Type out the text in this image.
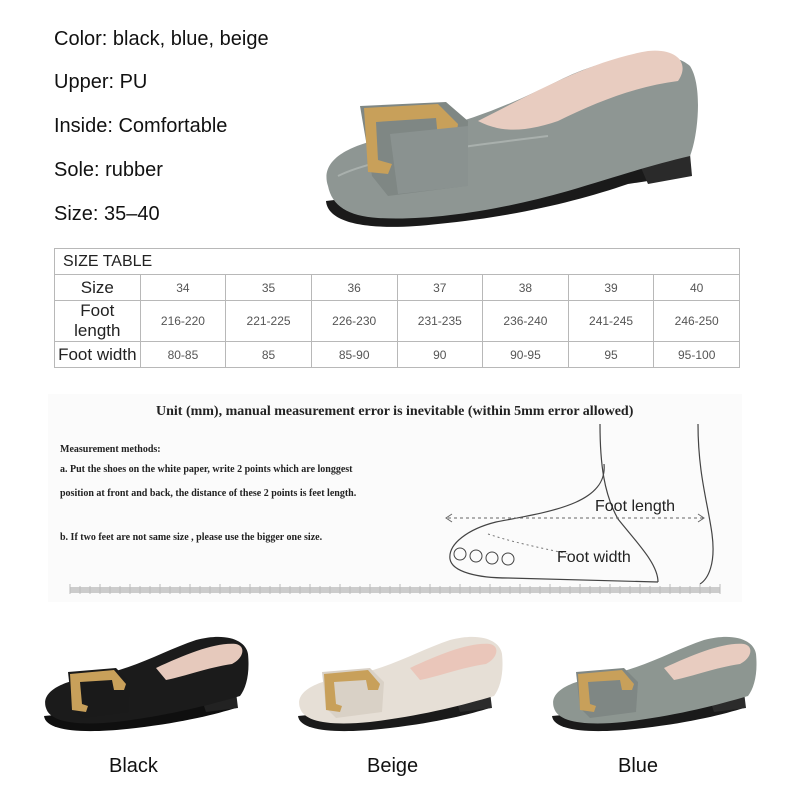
Color: black, blue, beige
Upper: PU
Inside: Comfortable
Sole: rubber
Size: 35–40
SIZE TABLE							
Size	34	35	36	37	38	39	40
Foot length	216-220	221-225	226-230	231-235	236-240	241-245	246-250
Foot width	80-85	85	85-90	90	90-95	95	95-100
Unit (mm), manual measurement error is inevitable (within 5mm error allowed)
Measurement methods:
a. Put the shoes on the white paper, write 2 points which are longgest
position at front and back, the distance of these 2 points is feet length.
b. If two feet are not same size , please use the bigger one size.
Foot length
Foot width
Black	Beige	Blue
